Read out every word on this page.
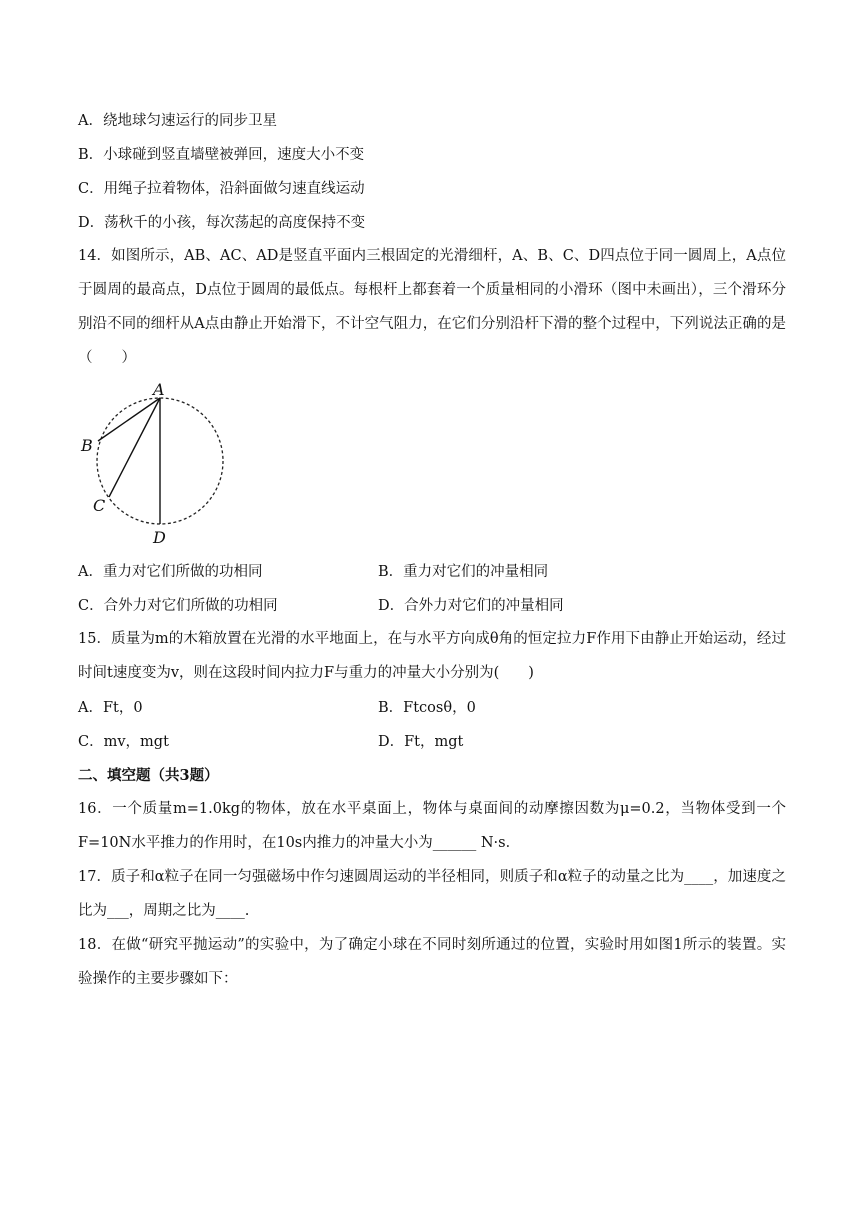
A．绕地球匀速运行的同步卫星
B．小球碰到竖直墙壁被弹回，速度大小不变
C．用绳子拉着物体，沿斜面做匀速直线运动
D．荡秋千的小孩，每次荡起的高度保持不变
14．如图所示，AB、AC、AD是竖直平面内三根固定的光滑细杆，A、B、C、D四点位于同一圆周上，A点位于圆周的最高点，D点位于圆周的最低点。每根杆上都套着一个质量相同的小滑环（图中未画出），三个滑环分别沿不同的细杆从A点由静止开始滑下，不计空气阻力，在它们分别沿杆下滑的整个过程中，下列说法正确的是（　　）
A
B
C
D
A．重力对它们所做的功相同	B．重力对它们的冲量相同
C．合外力对它们所做的功相同	D．合外力对它们的冲量相同
15．质量为m的木箱放置在光滑的水平地面上，在与水平方向成θ角的恒定拉力F作用下由静止开始运动，经过时间t速度变为v，则在这段时间内拉力F与重力的冲量大小分别为(　　)
A．Ft，0	B．Ftcosθ，0
C．mv，mgt	D．Ft，mgt
二、填空题（共3题）
16．一个质量m=1.0kg的物体，放在水平桌面上，物体与桌面间的动摩擦因数为μ=0.2，当物体受到一个F=10N水平推力的作用时，在10s内推力的冲量大小为______ N·s．
17．质子和α粒子在同一匀强磁场中作匀速圆周运动的半径相同，则质子和α粒子的动量之比为____，加速度之比为___，周期之比为____.
18．在做“研究平抛运动”的实验中，为了确定小球在不同时刻所通过的位置，实验时用如图1所示的装置。实验操作的主要步骤如下：
